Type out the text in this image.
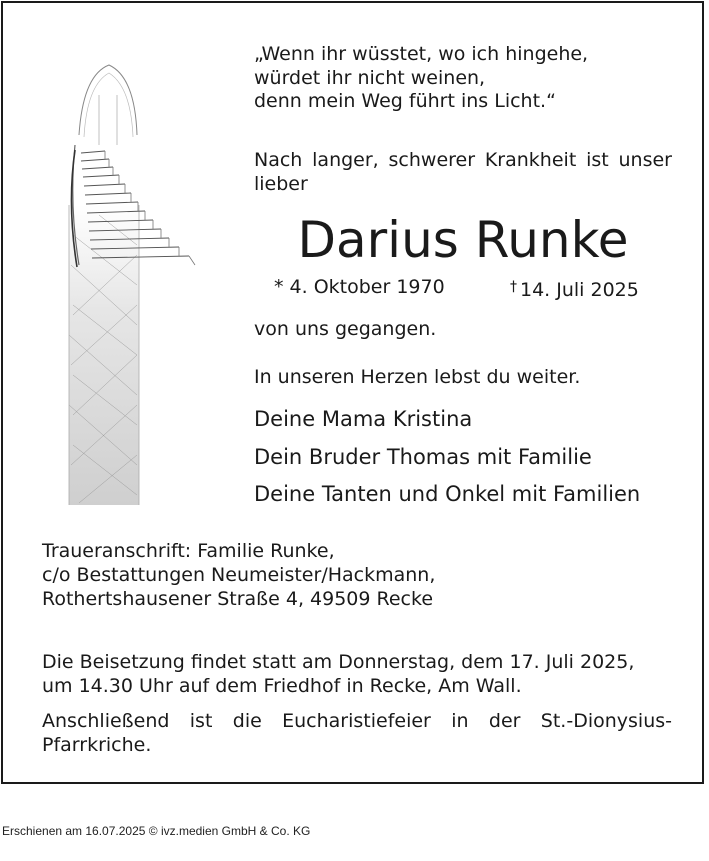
„Wenn ihr wüsstet, wo ich hingehe,
würdet ihr nicht weinen,
denn mein Weg führt ins Licht.“

Nach langer, schwerer Krankheit ist unser lieber

Darius Runke

* 4. Oktober 1970	† 14. Juli 2025

von uns gegangen.

In unseren Herzen lebst du weiter.

Deine Mama Kristina

Dein Bruder Thomas mit Familie

Deine Tanten und Onkel mit Familien

Traueranschrift: Familie Runke,
c/o Bestattungen Neumeister/Hackmann,
Rothertshausener Straße 4, 49509 Recke

Die Beisetzung findet statt am Donnerstag, dem 17. Juli 2025,
um 14.30 Uhr auf dem Friedhof in Recke, Am Wall.

Anschließend ist die Eucharistiefeier in der St.-Dionysius-Pfarrkriche.

Erschienen am 16.07.2025 © ivz.medien GmbH & Co. KG
